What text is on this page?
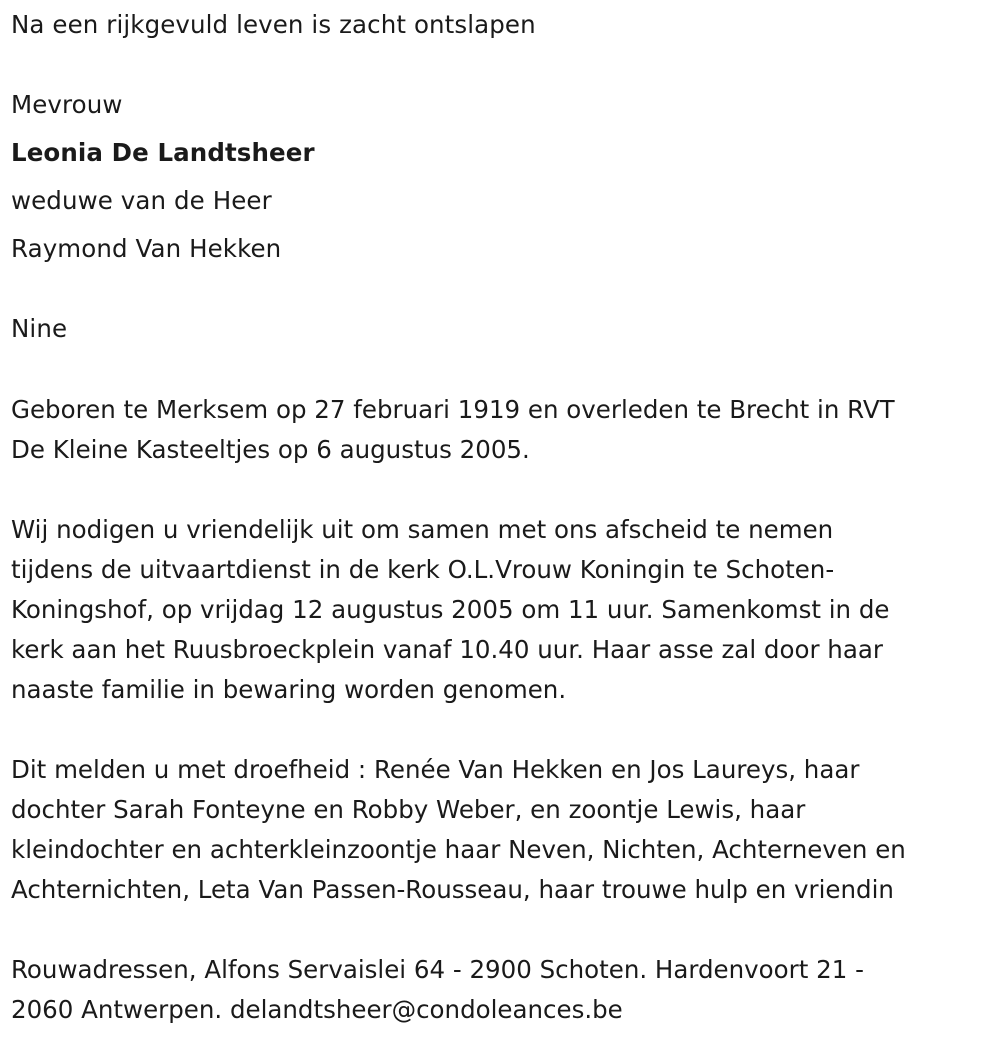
Na een rijkgevuld leven is zacht ontslapen
Mevrouw
Leonia De Landtsheer
weduwe van de Heer
Raymond Van Hekken
Nine
Geboren te Merksem op 27 februari 1919 en overleden te Brecht in RVT
De Kleine Kasteeltjes op 6 augustus 2005.
Wij nodigen u vriendelijk uit om samen met ons afscheid te nemen
tijdens de uitvaartdienst in de kerk O.L.Vrouw Koningin te Schoten-
Koningshof, op vrijdag 12 augustus 2005 om 11 uur. Samenkomst in de
kerk aan het Ruusbroeckplein vanaf 10.40 uur. Haar asse zal door haar
naaste familie in bewaring worden genomen.
Dit melden u met droefheid : Renée Van Hekken en Jos Laureys, haar
dochter Sarah Fonteyne en Robby Weber, en zoontje Lewis, haar
kleindochter en achterkleinzoontje haar Neven, Nichten, Achterneven en
Achternichten, Leta Van Passen-Rousseau, haar trouwe hulp en vriendin
Rouwadressen, Alfons Servaislei 64 - 2900 Schoten. Hardenvoort 21 -
2060 Antwerpen. delandtsheer@condoleances.be
